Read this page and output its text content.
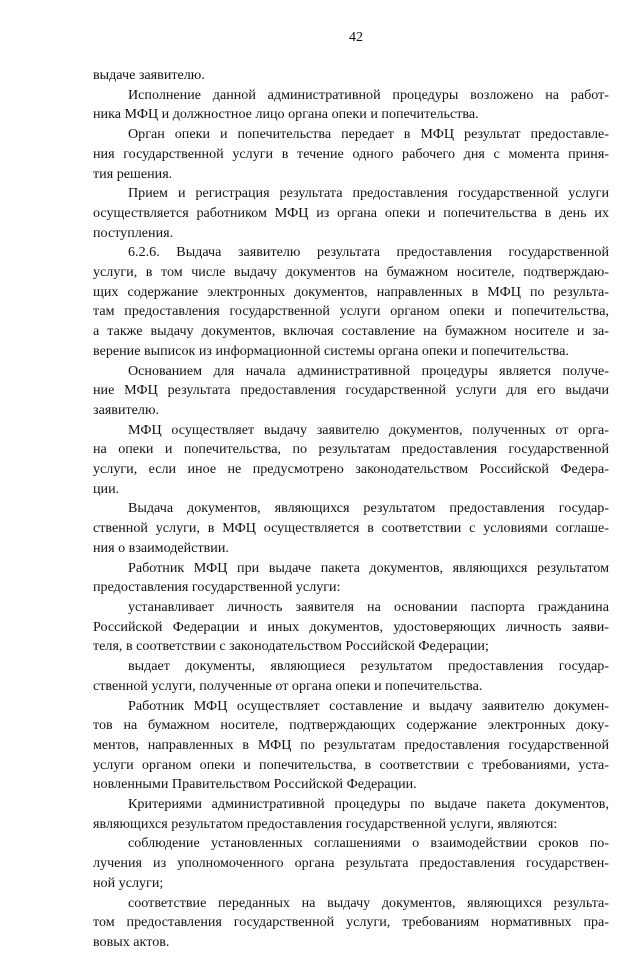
42
выдаче заявителю.
Исполнение данной административной процедуры возложено на работ-
ника МФЦ и должностное лицо органа опеки и попечительства.
Орган опеки и попечительства передает в МФЦ результат предоставле-
ния государственной услуги в течение одного рабочего дня с момента приня-
тия решения.
Прием и регистрация результата предоставления государственной услуги
осуществляется работником МФЦ из органа опеки и попечительства в день их
поступления.
6.2.6. Выдача заявителю результата предоставления государственной
услуги, в том числе выдачу документов на бумажном носителе, подтверждаю-
щих содержание электронных документов, направленных в МФЦ по результа-
там предоставления государственной услуги органом опеки и попечительства,
а также выдачу документов, включая составление на бумажном носителе и за-
верение выписок из информационной системы органа опеки и попечительства.
Основанием для начала административной процедуры является получе-
ние МФЦ результата предоставления государственной услуги для его выдачи
заявителю.
МФЦ осуществляет выдачу заявителю документов, полученных от орга-
на опеки и попечительства, по результатам предоставления государственной
услуги, если иное не предусмотрено законодательством Российской Федера-
ции.
Выдача документов, являющихся результатом предоставления государ-
ственной услуги, в МФЦ осуществляется в соответствии с условиями соглаше-
ния о взаимодействии.
Работник МФЦ при выдаче пакета документов, являющихся результатом
предоставления государственной услуги:
устанавливает личность заявителя на основании паспорта гражданина
Российской Федерации и иных документов, удостоверяющих личность заяви-
теля, в соответствии с законодательством Российской Федерации;
выдает документы, являющиеся результатом предоставления государ-
ственной услуги, полученные от органа опеки и попечительства.
Работник МФЦ осуществляет составление и выдачу заявителю докумен-
тов на бумажном носителе, подтверждающих содержание электронных доку-
ментов, направленных в МФЦ по результатам предоставления государственной
услуги органом опеки и попечительства, в соответствии с требованиями, уста-
новленными Правительством Российской Федерации.
Критериями административной процедуры по выдаче пакета документов,
являющихся результатом предоставления государственной услуги, являются:
соблюдение установленных соглашениями о взаимодействии сроков по-
лучения из уполномоченного органа результата предоставления государствен-
ной услуги;
соответствие переданных на выдачу документов, являющихся результа-
том предоставления государственной услуги, требованиям нормативных пра-
вовых актов.
